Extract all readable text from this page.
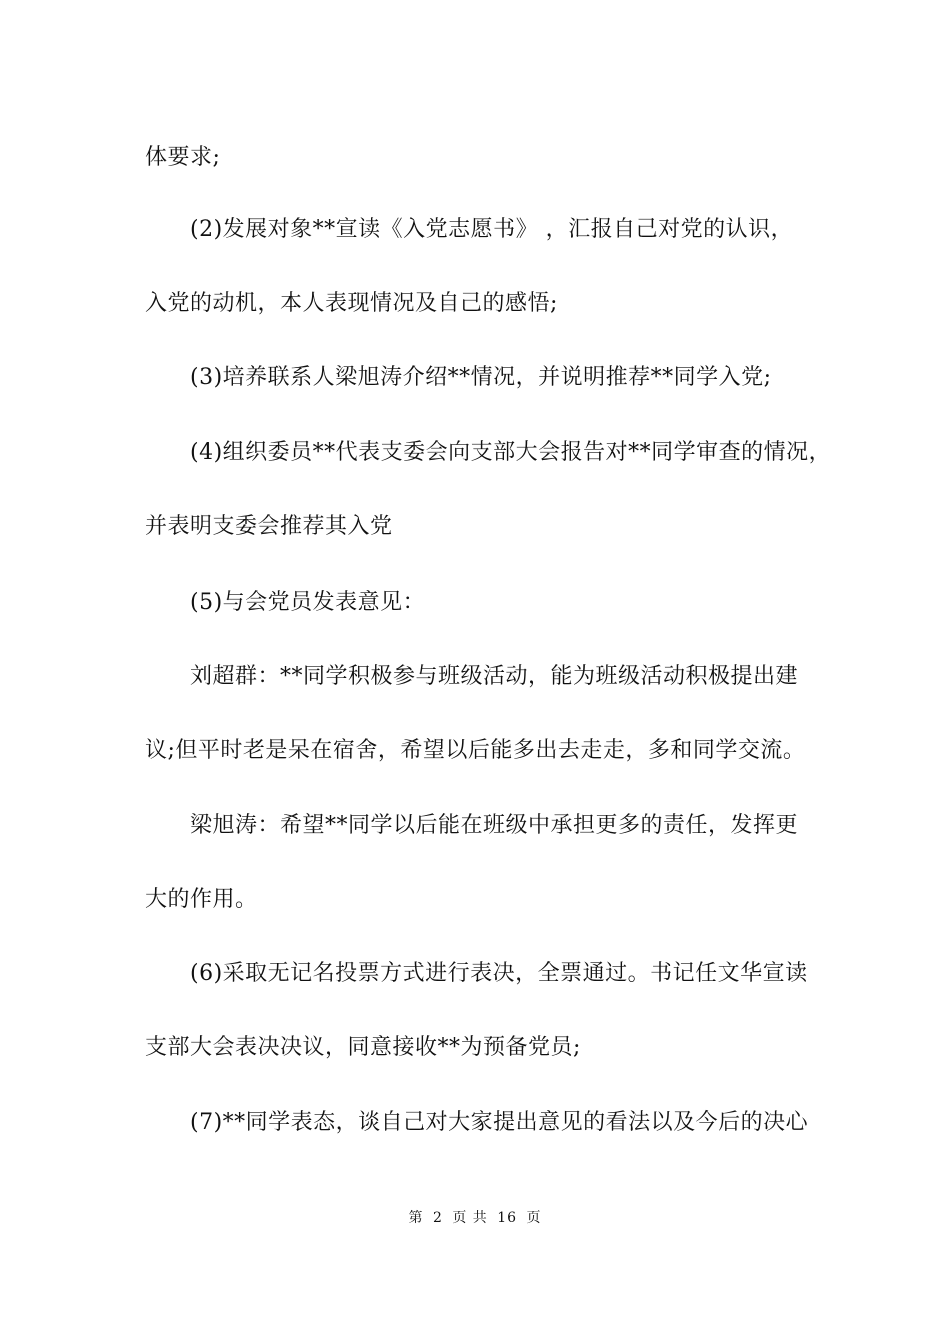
体要求;
(2)发展对象**宣读《入党志愿书》 ，汇报自己对党的认识，
入党的动机，本人表现情况及自己的感悟;
(3)培养联系人梁旭涛介绍**情况，并说明推荐**同学入党;
(4)组织委员**代表支委会向支部大会报告对**同学审查的情况，
并表明支委会推荐其入党
(5)与会党员发表意见：
刘超群：**同学积极参与班级活动，能为班级活动积极提出建
议;但平时老是呆在宿舍，希望以后能多出去走走，多和同学交流。
梁旭涛：希望**同学以后能在班级中承担更多的责任，发挥更
大的作用。
(6)采取无记名投票方式进行表决，全票通过。书记任文华宣读
支部大会表决决议，同意接收**为预备党员;
(7)**同学表态，谈自己对大家提出意见的看法以及今后的决心
第 2 页 共 16 页
